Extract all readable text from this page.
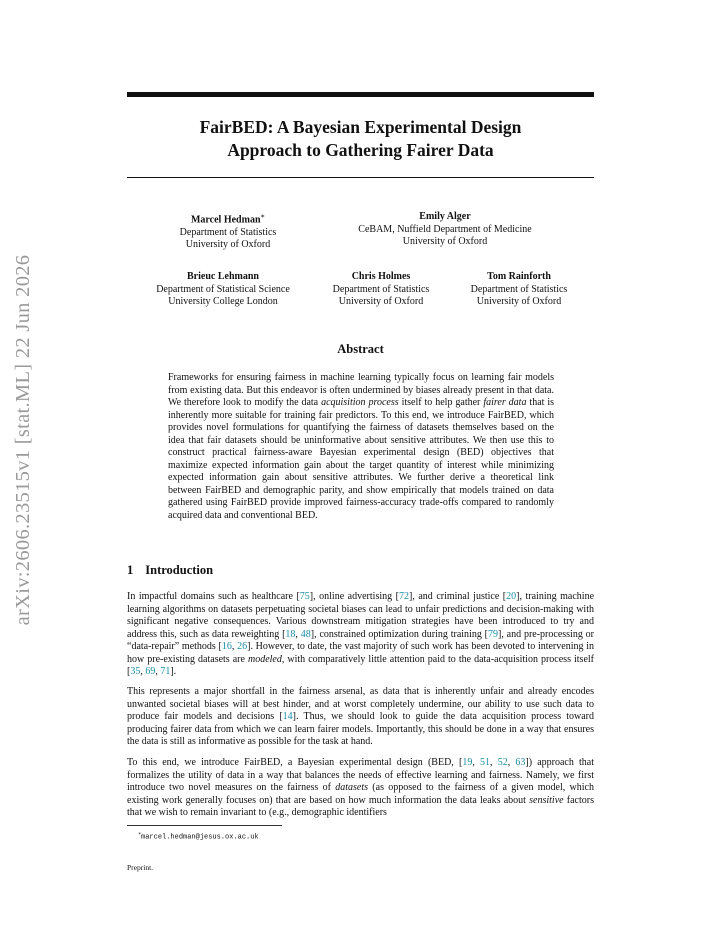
arXiv:2606.23515v1 [stat.ML] 22 Jun 2026
FairBED: A Bayesian Experimental Design
Approach to Gathering Fairer Data
Marcel Hedman∗
Department of Statistics
University of Oxford
Emily Alger
CeBAM, Nuffield Department of Medicine
University of Oxford
Brieuc Lehmann
Department of Statistical Science
University College London
Chris Holmes
Department of Statistics
University of Oxford
Tom Rainforth
Department of Statistics
University of Oxford
Abstract
Frameworks for ensuring fairness in machine learning typically focus on learning fair models from existing data. But this endeavor is often undermined by biases already present in that data. We therefore look to modify the data acquisition process itself to help gather fairer data that is inherently more suitable for training fair predictors. To this end, we introduce FairBED, which provides novel formulations for quantifying the fairness of datasets themselves based on the idea that fair datasets should be uninformative about sensitive attributes. We then use this to construct practical fairness-aware Bayesian experimental design (BED) objectives that maximize expected information gain about the target quantity of interest while minimizing expected information gain about sensitive attributes. We further derive a theoretical link between FairBED and demographic parity, and show empirically that models trained on data gathered using FairBED provide improved fairness-accuracy trade-offs compared to randomly acquired data and conventional BED.
1 Introduction
In impactful domains such as healthcare [75], online advertising [72], and criminal justice [20], training machine learning algorithms on datasets perpetuating societal biases can lead to unfair predictions and decision-making with significant negative consequences. Various downstream mitigation strategies have been introduced to try and address this, such as data reweighting [18, 48], constrained optimization during training [79], and pre-processing or “data-repair” methods [16, 26]. However, to date, the vast majority of such work has been devoted to intervening in how pre-existing datasets are modeled, with comparatively little attention paid to the data-acquisition process itself [35, 69, 71].
This represents a major shortfall in the fairness arsenal, as data that is inherently unfair and already encodes unwanted societal biases will at best hinder, and at worst completely undermine, our ability to use such data to produce fair models and decisions [14]. Thus, we should look to guide the data acquisition process toward producing fairer data from which we can learn fairer models. Importantly, this should be done in a way that ensures the data is still as informative as possible for the task at hand.
To this end, we introduce FairBED, a Bayesian experimental design (BED, [19, 51, 52, 63]) approach that formalizes the utility of data in a way that balances the needs of effective learning and fairness. Namely, we first introduce two novel measures on the fairness of datasets (as opposed to the fairness of a given model, which existing work generally focuses on) that are based on how much information the data leaks about sensitive factors that we wish to remain invariant to (e.g., demographic identifiers
∗marcel.hedman@jesus.ox.ac.uk
Preprint.
